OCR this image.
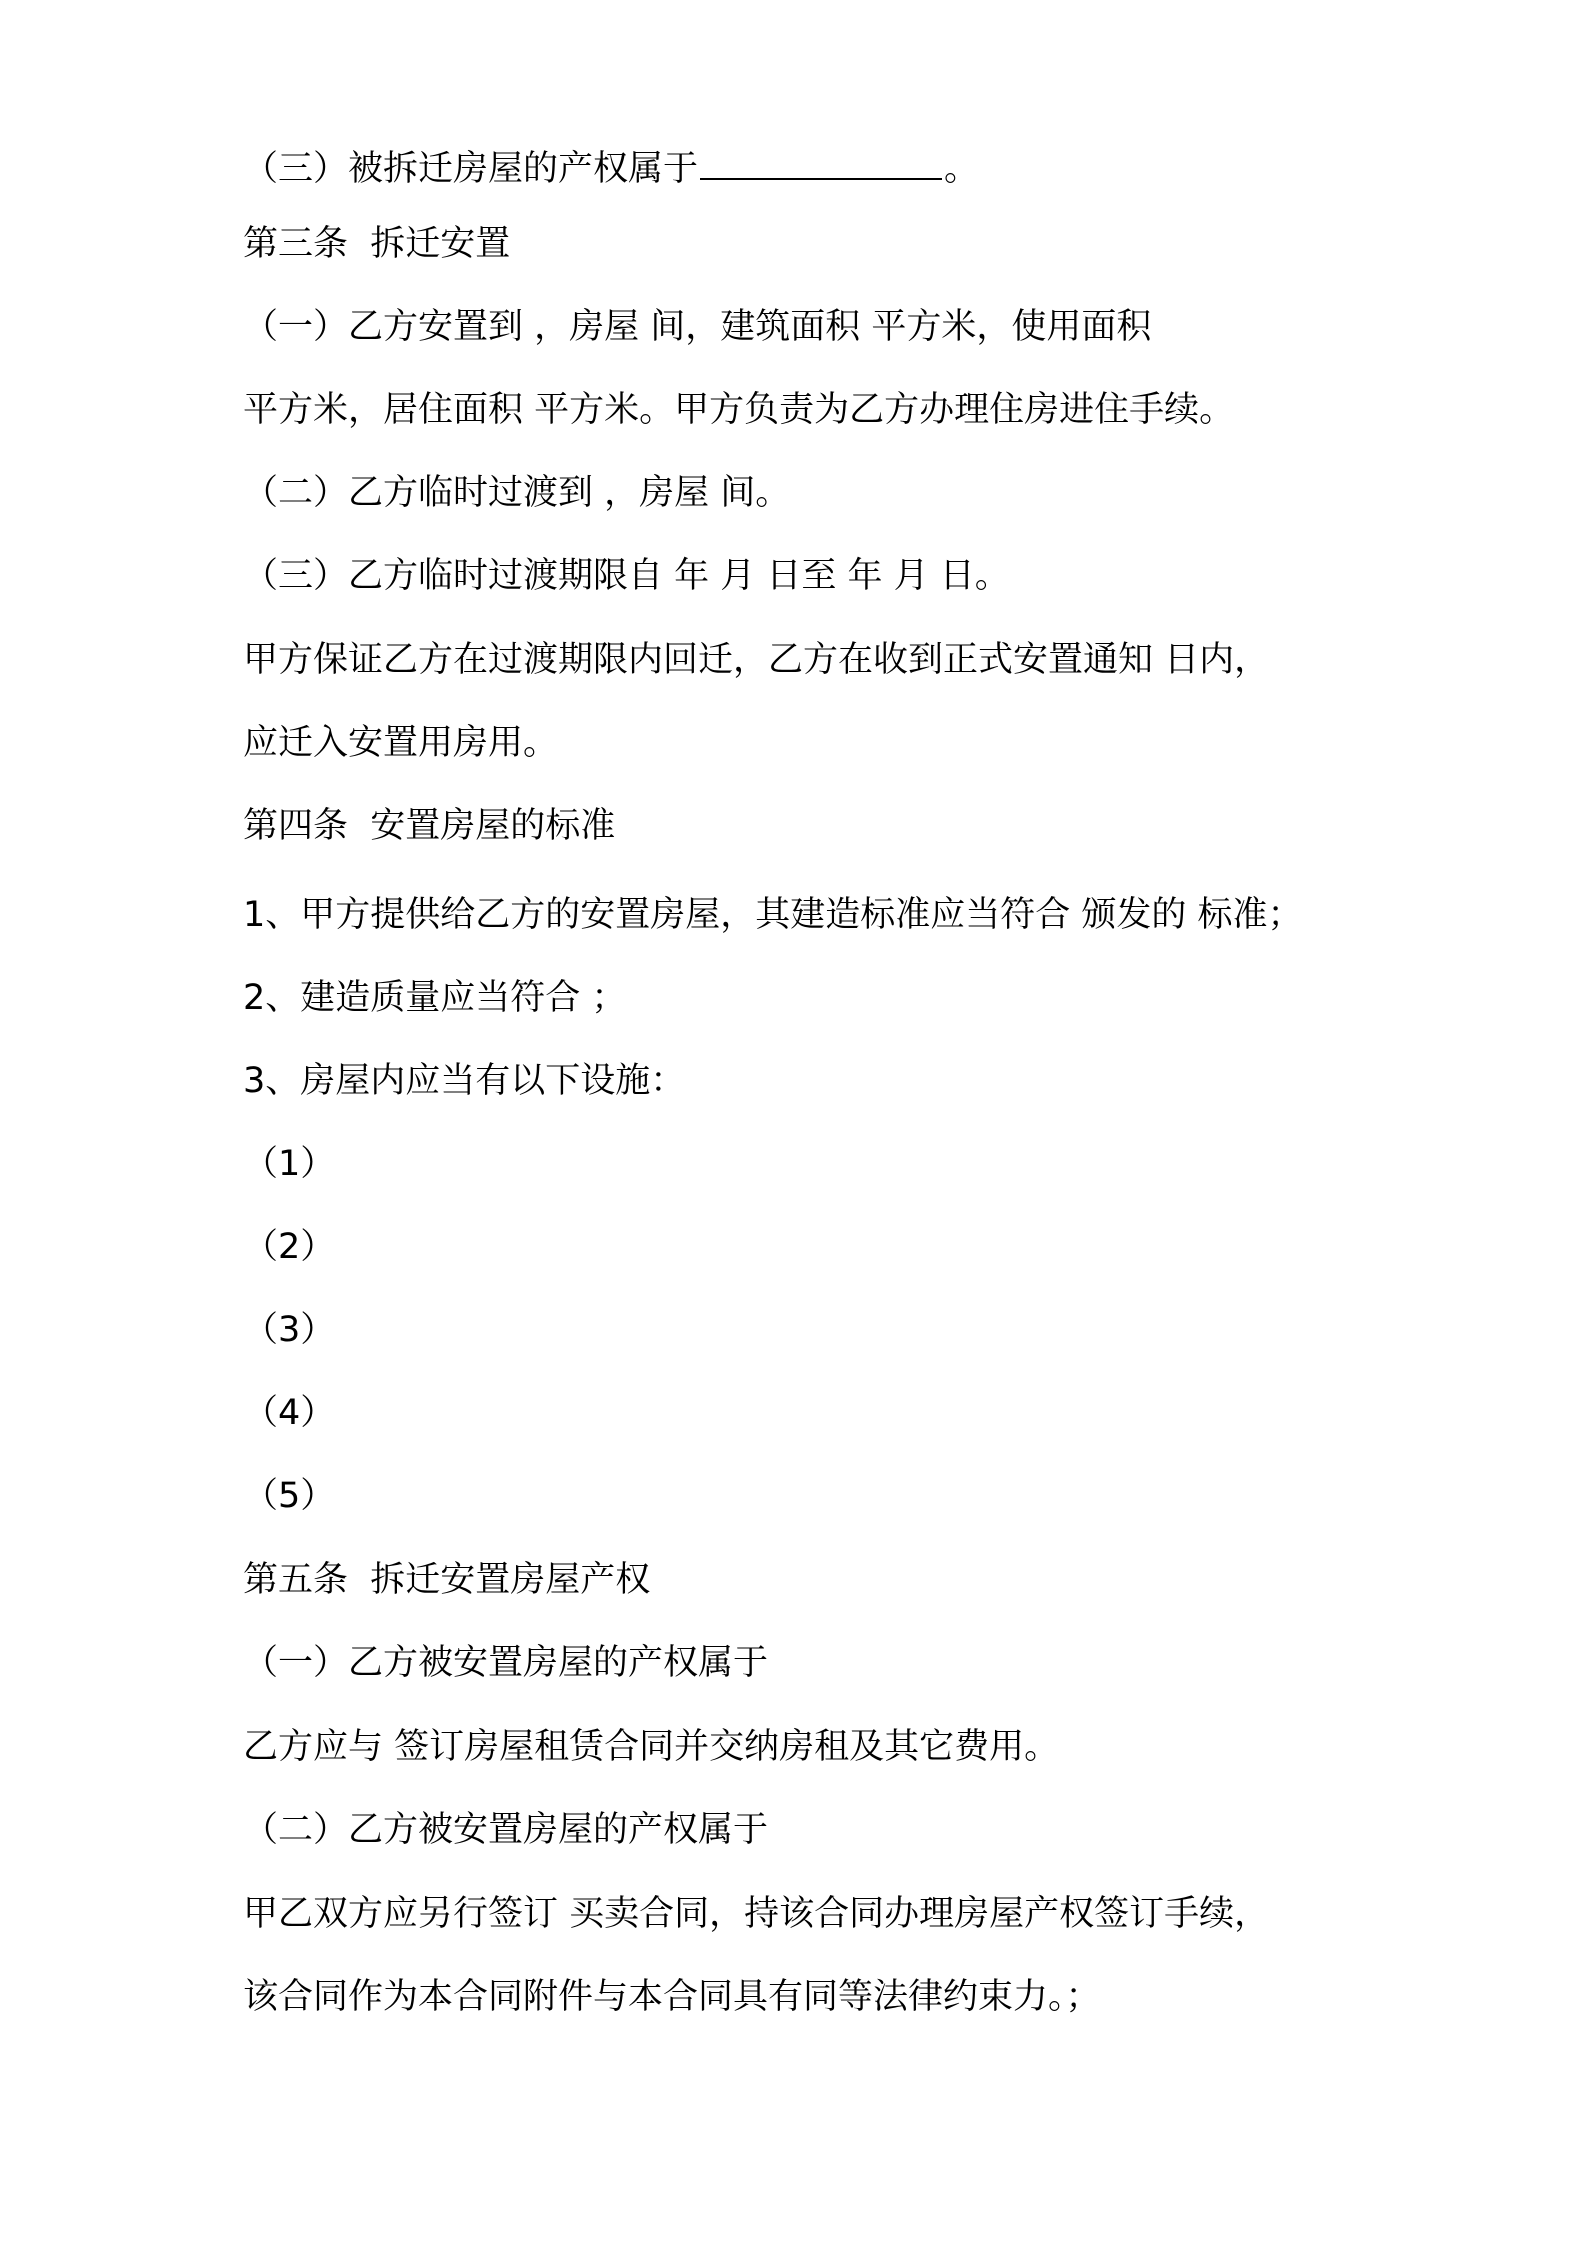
（三）被拆迁房屋的产权属于	。

第三条  拆迁安置

（一）乙方安置到 ，房屋 间，建筑面积 平方米，使用面积

平方米，居住面积 平方米。甲方负责为乙方办理住房进住手续。

（二）乙方临时过渡到 ，房屋 间。

（三）乙方临时过渡期限自 年 月 日至 年 月 日。

甲方保证乙方在过渡期限内回迁，乙方在收到正式安置通知 日内，

应迁入安置用房用。

第四条  安置房屋的标准

1、甲方提供给乙方的安置房屋，其建造标准应当符合 颁发的 标准；

2、建造质量应当符合 ；

3、房屋内应当有以下设施：

（1）

（2）

（3）

（4）

（5）

第五条  拆迁安置房屋产权

（一）乙方被安置房屋的产权属于

乙方应与 签订房屋租赁合同并交纳房租及其它费用。

（二）乙方被安置房屋的产权属于

甲乙双方应另行签订 买卖合同，持该合同办理房屋产权签订手续，

该合同作为本合同附件与本合同具有同等法律约束力。；
